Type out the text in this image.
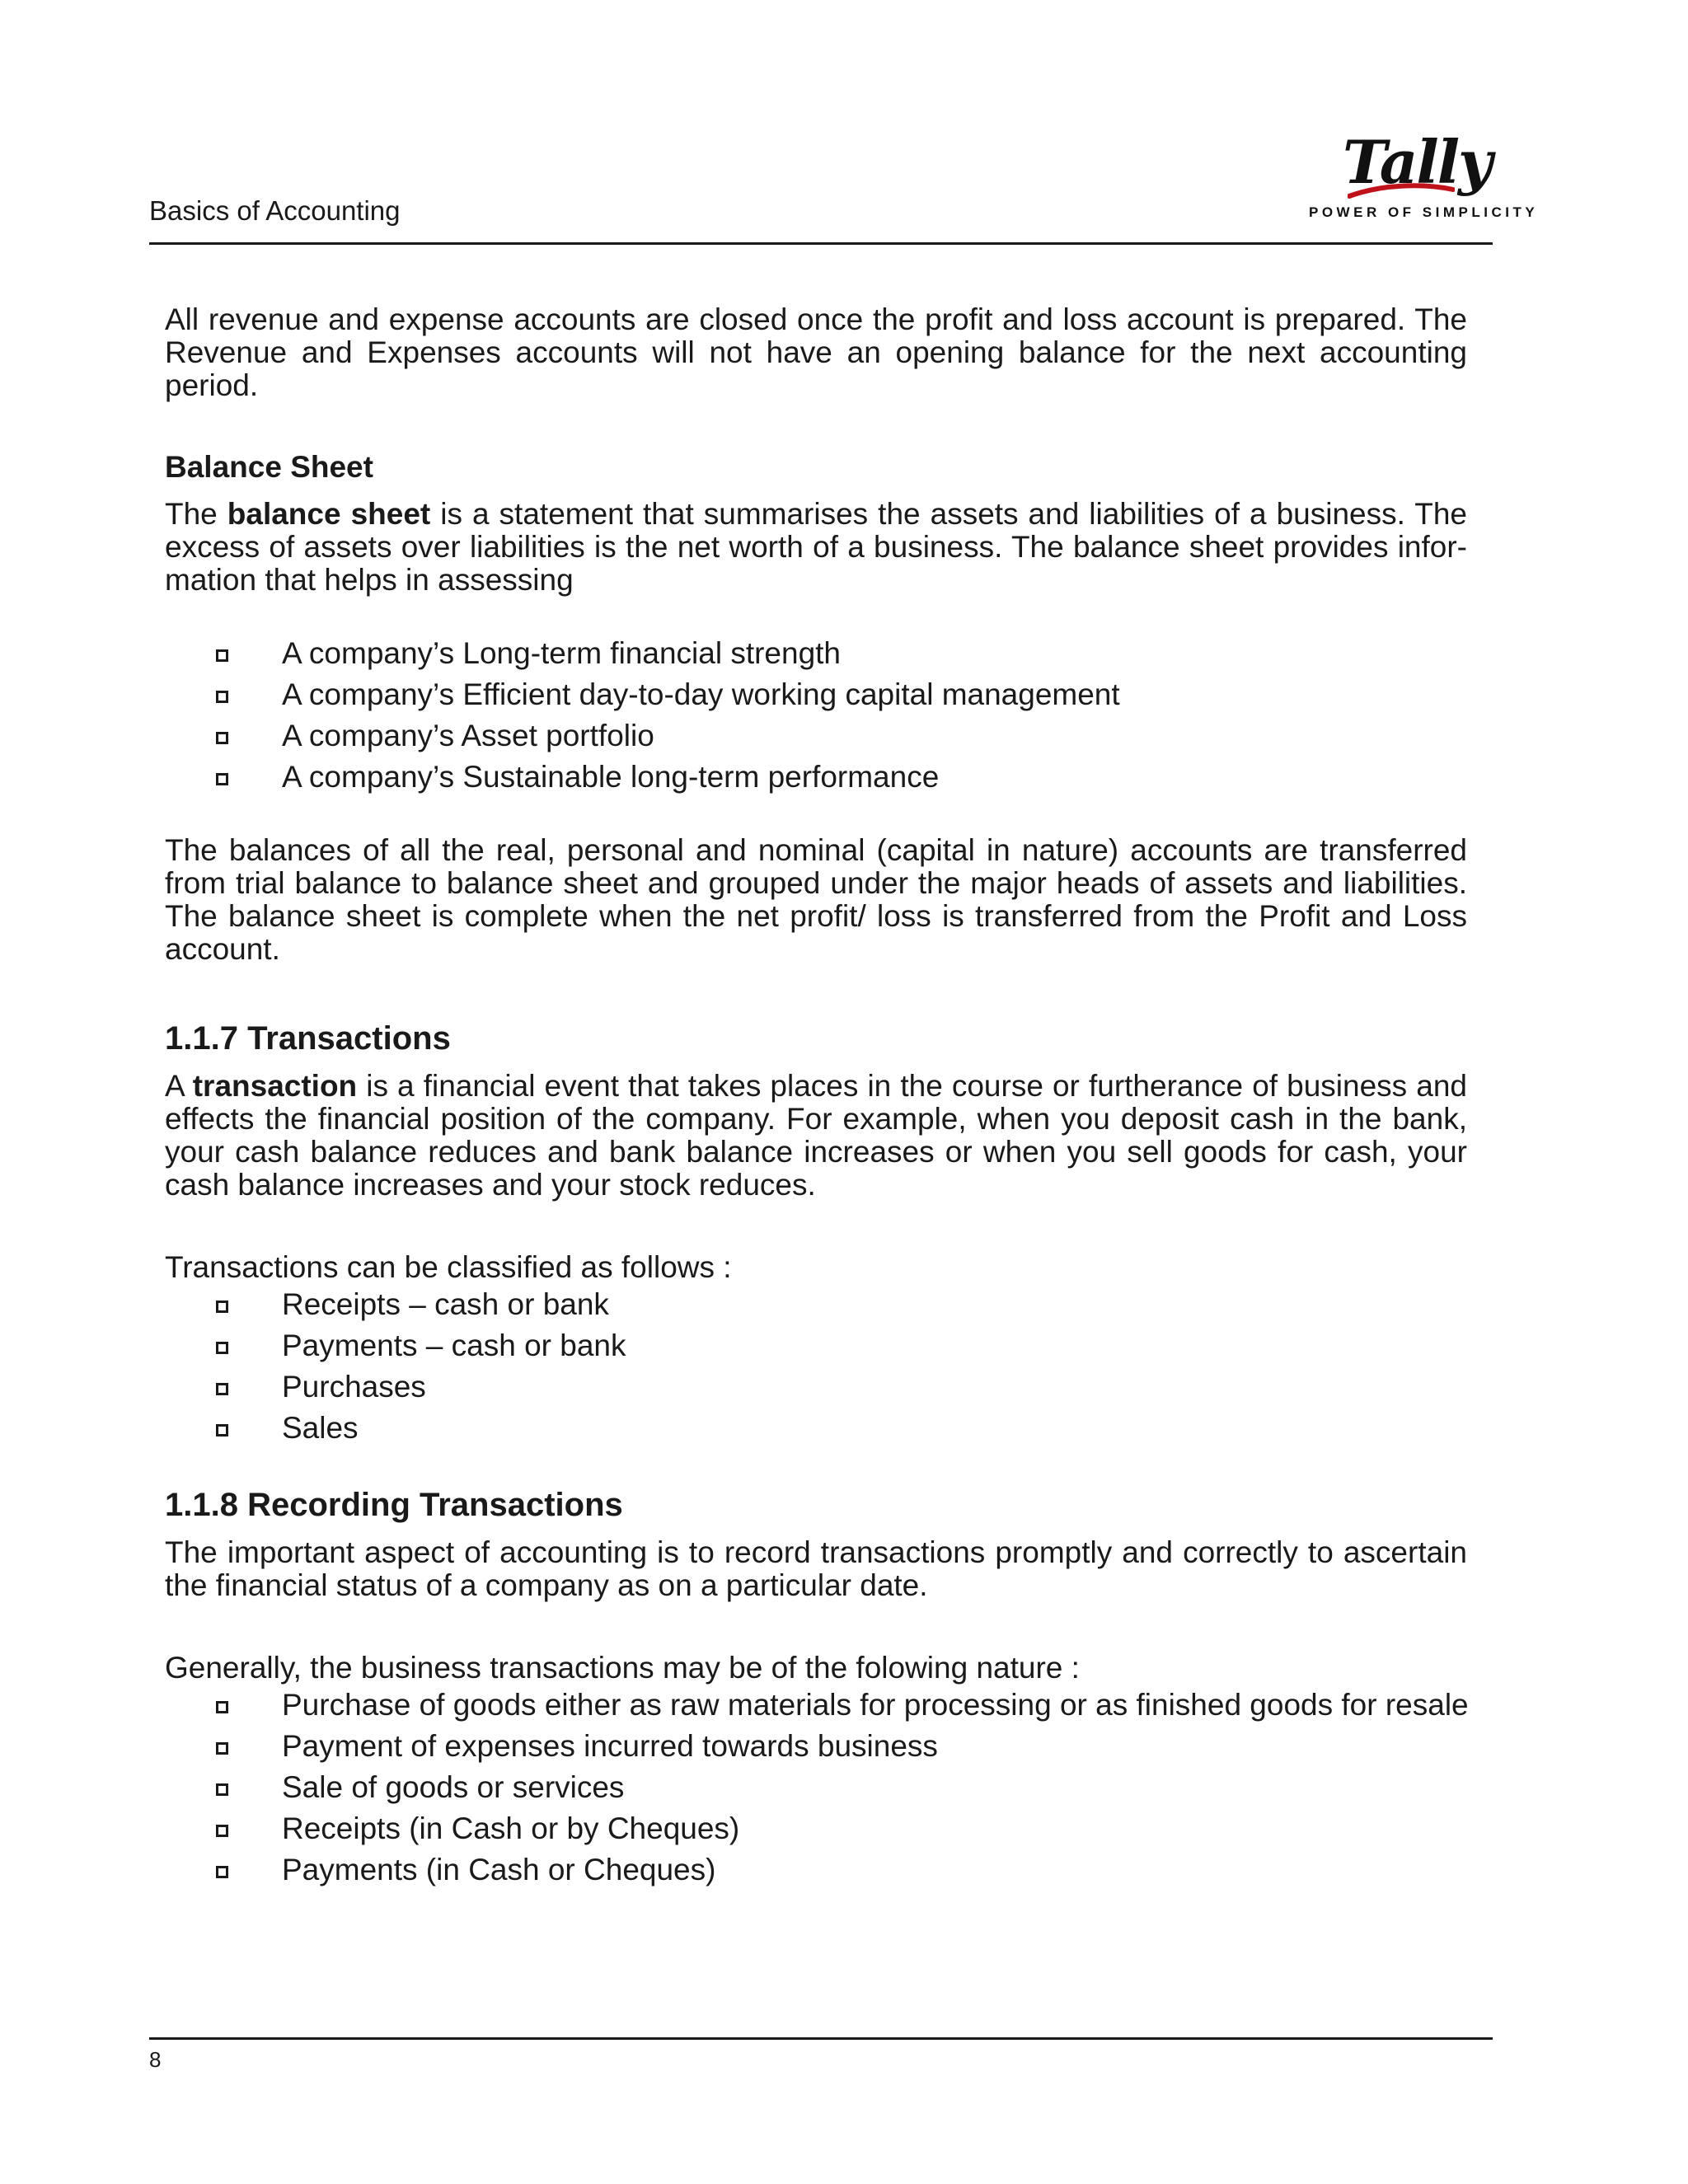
Basics of Accounting
Tally
POWER OF SIMPLICITY

All revenue and expense accounts are closed once the profit and loss account is prepared. The Revenue and Expenses accounts will not have an opening balance for the next accounting period.

Balance Sheet

The balance sheet is a statement that summarises the assets and liabilities of a business. The excess of assets over liabilities is the net worth of a business. The balance sheet provides infor-mation that helps in assessing

A company’s Long-term financial strength
A company’s Efficient day-to-day working capital management
A company’s Asset portfolio
A company’s Sustainable long-term performance

The balances of all the real, personal and nominal (capital in nature) accounts are transferred from trial balance to balance sheet and grouped under the major heads of assets and liabilities. The balance sheet is complete when the net profit/ loss is transferred from the Profit and Loss account.

1.1.7 Transactions

A transaction is a financial event that takes places in the course or furtherance of business and effects the financial position of the company. For example, when you deposit cash in the bank, your cash balance reduces and bank balance increases or when you sell goods for cash, your cash balance increases and your stock reduces.

Transactions can be classified as follows :

Receipts – cash or bank
Payments – cash or bank
Purchases
Sales

1.1.8 Recording Transactions

The important aspect of accounting is to record transactions promptly and correctly to ascertain the financial status of a company as on a particular date.

Generally, the business transactions may be of the folowing nature :

Purchase of goods either as raw materials for processing or as finished goods for resale
Payment of expenses incurred towards business
Sale of goods or services
Receipts (in Cash or by Cheques)
Payments (in Cash or Cheques)
8
